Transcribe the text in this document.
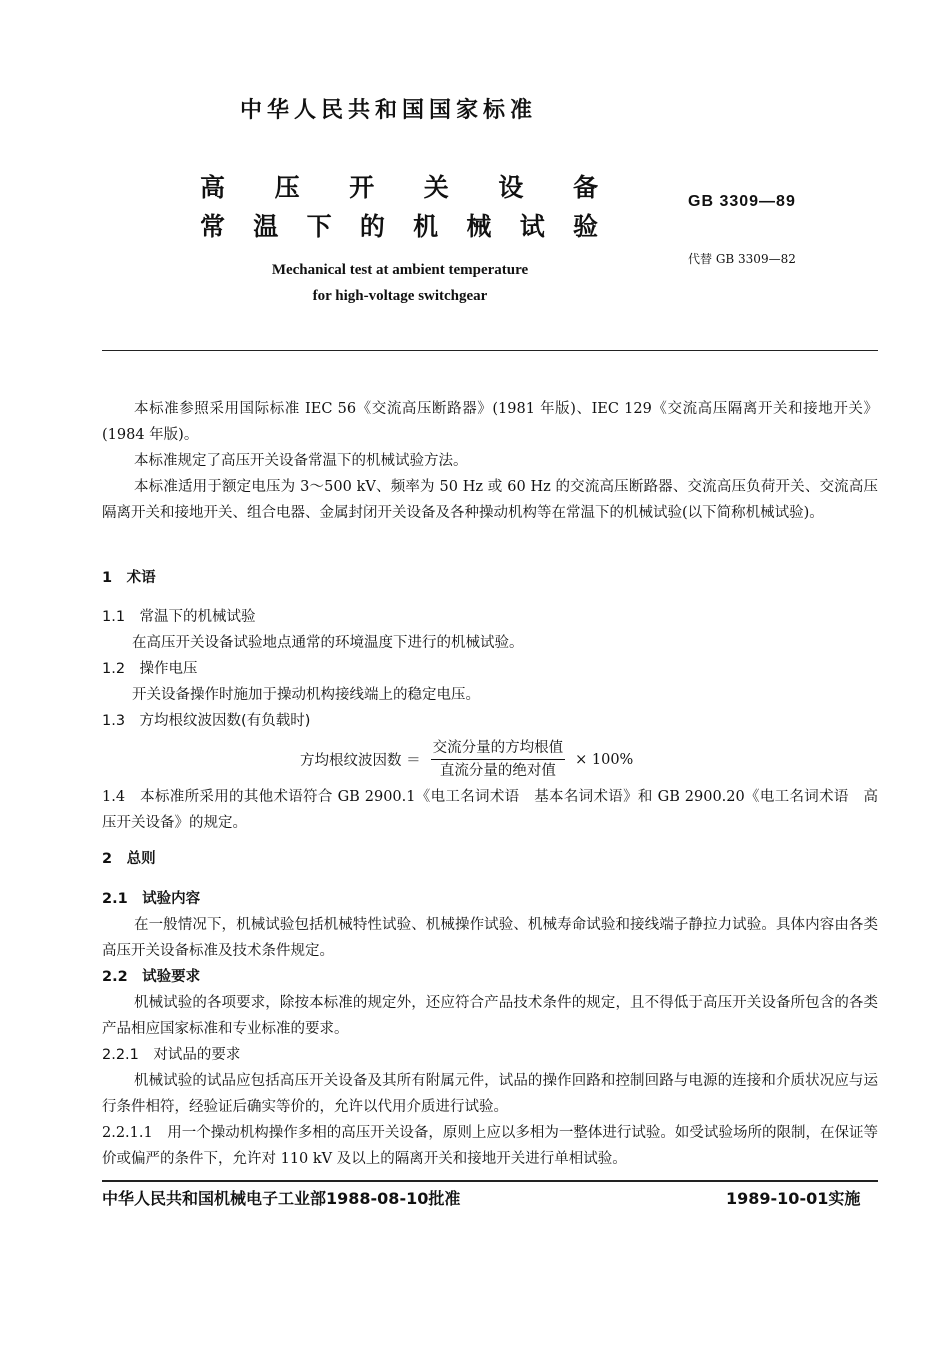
中华人民共和国国家标准
高 压 开 关 设 备
常 温 下 的 机 械 试 验
Mechanical test at ambient temperature
for high-voltage switchgear
GB 3309—89
代替 GB 3309—82
本标准参照采用国际标准 IEC 56《交流高压断路器》(1981 年版)、IEC 129《交流高压隔离开关和接地开关》(1984 年版)。
本标准规定了高压开关设备常温下的机械试验方法。
本标准适用于额定电压为 3～500 kV、频率为 50 Hz 或 60 Hz 的交流高压断路器、交流高压负荷开关、交流高压隔离开关和接地开关、组合电器、金属封闭开关设备及各种操动机构等在常温下的机械试验(以下简称机械试验)。
1　术语
1.1　常温下的机械试验
在高压开关设备试验地点通常的环境温度下进行的机械试验。
1.2　操作电压
开关设备操作时施加于操动机构接线端上的稳定电压。
1.3　方均根纹波因数(有负载时)
方均根纹波因数 ＝ $\frac{\text{交流分量的方均根值}}{\text{直流分量的绝对值}} \times 100\%$
1.4　本标准所采用的其他术语符合 GB 2900.1《电工名词术语　基本名词术语》和 GB 2900.20《电工名词术语　高压开关设备》的规定。
2　总则
2.1　试验内容
在一般情况下，机械试验包括机械特性试验、机械操作试验、机械寿命试验和接线端子静拉力试验。具体内容由各类高压开关设备标准及技术条件规定。
2.2　试验要求
机械试验的各项要求，除按本标准的规定外，还应符合产品技术条件的规定，且不得低于高压开关设备所包含的各类产品相应国家标准和专业标准的要求。
2.2.1　对试品的要求
机械试验的试品应包括高压开关设备及其所有附属元件，试品的操作回路和控制回路与电源的连接和介质状况应与运行条件相符，经验证后确实等价的，允许以代用介质进行试验。
2.2.1.1　用一个操动机构操作多相的高压开关设备，原则上应以多相为一整体进行试验。如受试验场所的限制，在保证等价或偏严的条件下，允许对 110 kV 及以上的隔离开关和接地开关进行单相试验。
中华人民共和国机械电子工业部1988-08-10批准	1989-10-01实施
